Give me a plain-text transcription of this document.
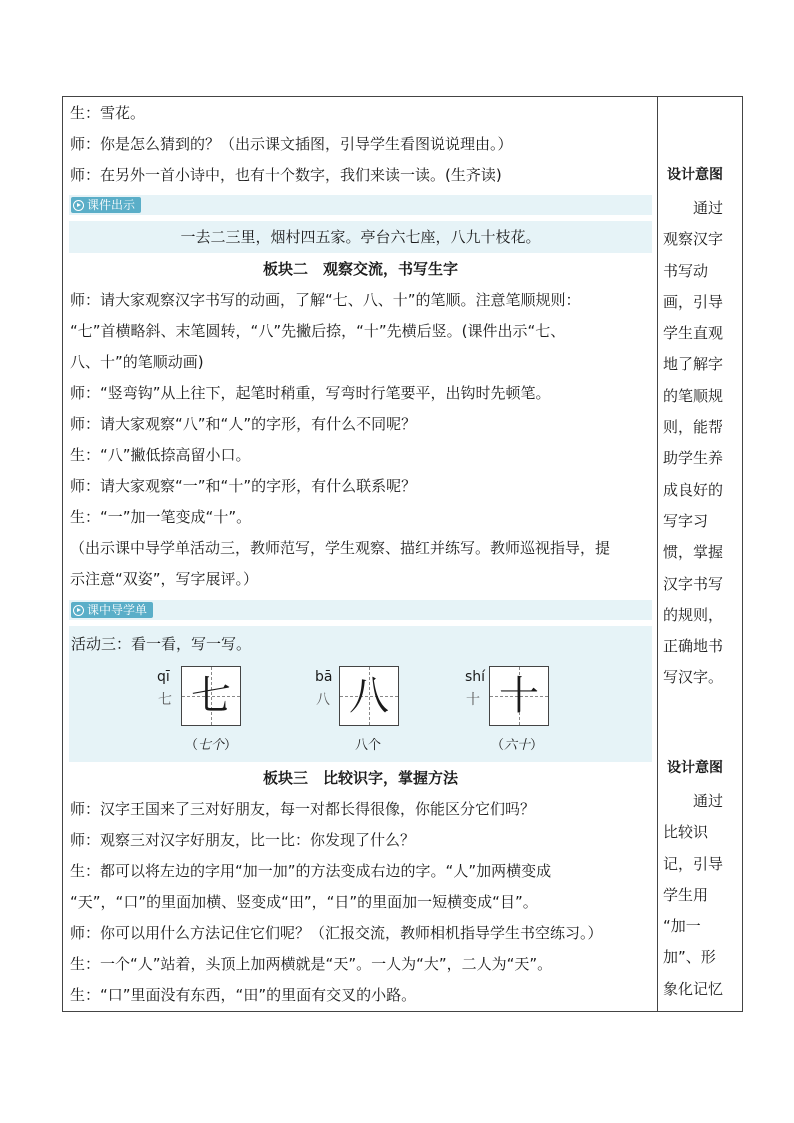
生：雪花。
师：你是怎么猜到的？（出示课文插图，引导学生看图说说理由。）
师：在另外一首小诗中，也有十个数字，我们来读一读。(生齐读)
课件出示
一去二三里，烟村四五家。亭台六七座，八九十枝花。
板块二　观察交流，书写生字
师：请大家观察汉字书写的动画，了解“七、八、十”的笔顺。注意笔顺规则：
“七”首横略斜、末笔圆转，“八”先撇后捺，“十”先横后竖。(课件出示“七、
八、十”的笔顺动画)
师：“竖弯钩”从上往下，起笔时稍重，写弯时行笔要平，出钩时先顿笔。
师：请大家观察“八”和“人”的字形，有什么不同呢？
生：“八”撇低捺高留小口。
师：请大家观察“一”和“十”的字形，有什么联系呢？
生：“一”加一笔变成“十”。
（出示课中导学单活动三，教师范写，学生观察、描红并练写。教师巡视指导，提
示注意“双姿”，写字展评。）
课中导学单
活动三：看一看，写一写。
qī
七 七
（七个）
bā
八 八
八个
shí
十 十
（六十）
板块三　比较识字，掌握方法
师：汉字王国来了三对好朋友，每一对都长得很像，你能区分它们吗？
师：观察三对汉字好朋友，比一比：你发现了什么？
生：都可以将左边的字用“加一加”的方法变成右边的字。“人”加两横变成
“天”，“口”的里面加横、竖变成“田”，“日”的里面加一短横变成“目”。
师：你可以用什么方法记住它们呢？（汇报交流，教师相机指导学生书空练习。）
生：一个“人”站着，头顶上加两横就是“天”。一人为“大”，二人为“天”。
生：“口”里面没有东西，“田”的里面有交叉的小路。
设计意图
通过
观察汉字
书写动
画，引导
学生直观
地了解字
的笔顺规
则，能帮
助学生养
成良好的
写字习
惯，掌握
汉字书写
的规则，
正确地书
写汉字。
设计意图
通过
比较识
记，引导
学生用
“加一
加”、形
象化记忆
